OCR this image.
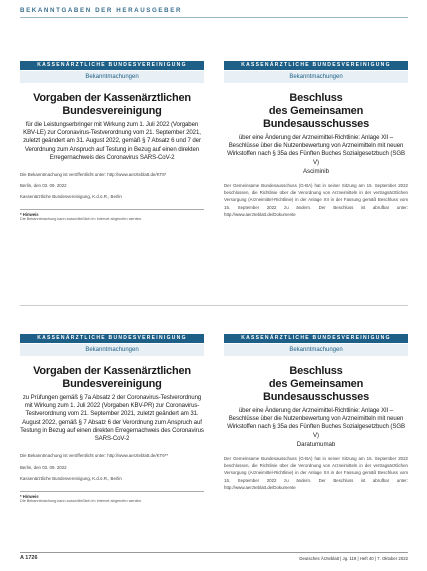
BEKANNTGABEN DER HERAUSGEBER
KASSENÄRZTLICHE BUNDESVEREINIGUNG
Bekanntmachungen
Vorgaben der Kassenärztlichen
Bundesvereinigung
für die Leistungserbringer mit Wirkung zum 1. Juli 2022 (Vorgaben KBV-LE) zur Coronavirus-Testverordnung vom 21. September 2021, zuletzt geändert am 31. August 2022, gemäß § 7 Absatz 6 und 7 der Verordnung zum Anspruch auf Testung in Bezug auf einen direkten Erregernachweis des Coronavirus SARS-CoV-2
Die Bekanntmachung ist veröffentlicht unter: http://www.aerzteblatt.de/KT6*
Berlin, den 03. 09. 2022
Kassenärztliche Bundesvereinigung, K.d.ö.R., Berlin
* Hinweis
Die Bekanntmachung kann ausschließlich im Internet abgerufen werden.
KASSENÄRZTLICHE BUNDESVEREINIGUNG
Bekanntmachungen
Beschluss
des Gemeinsamen Bundesausschusses
über eine Änderung der Arzneimittel-Richtlinie: Anlage XII – Beschlüsse über die Nutzenbewertung von Arzneimitteln mit neuen Wirkstoffen nach § 35a des Fünften Buches Sozialgesetzbuch (SGB V)
Asciminib
Der Gemeinsame Bundesausschuss (G-BA) hat in seiner Sitzung am 15. September 2022 beschlossen, die Richtlinie über die Verordnung von Arzneimitteln in der vertragsärztlichen Versorgung (Arzneimittel-Richtlinie) in der Anlage XII in der Fassung gemäß Beschluss vom 15. September 2022 zu ändern. Der Beschluss ist abrufbar unter: http://www.aerzteblatt.de/Dokumente
KASSENÄRZTLICHE BUNDESVEREINIGUNG
Bekanntmachungen
Vorgaben der Kassenärztlichen
Bundesvereinigung
zu Prüfungen gemäß § 7a Absatz 2 der Coronavirus-Testverordnung mit Wirkung zum 1. Juli 2022 (Vorgaben KBV-PR) zur Coronavirus-Testverordnung vom 21. September 2021, zuletzt geändert am 31. August 2022, gemäß § 7 Absatz 6 der Verordnung zum Anspruch auf Testung in Bezug auf einen direkten Erregernachweis des Coronavirus SARS-CoV-2
Die Bekanntmachung ist veröffentlicht unter: http://www.aerzteblatt.de/KT6**
Berlin, den 03. 09. 2022
Kassenärztliche Bundesvereinigung, K.d.ö.R., Berlin
* Hinweis
Die Bekanntmachung kann ausschließlich im Internet abgerufen werden.
KASSENÄRZTLICHE BUNDESVEREINIGUNG
Bekanntmachungen
Beschluss
des Gemeinsamen Bundesausschusses
über eine Änderung der Arzneimittel-Richtlinie: Anlage XII – Beschlüsse über die Nutzenbewertung von Arzneimitteln mit neuen Wirkstoffen nach § 35a des Fünften Buches Sozialgesetzbuch (SGB V)
Daratumumab
Der Gemeinsame Bundesausschuss (G-BA) hat in seiner Sitzung am 15. September 2022 beschlossen, die Richtlinie über die Verordnung von Arzneimitteln in der vertragsärztlichen Versorgung (Arzneimittel-Richtlinie) in der Anlage XII in der Fassung gemäß Beschluss vom 15. September 2022 zu ändern. Der Beschluss ist abrufbar unter: http://www.aerzteblatt.de/Dokumente
A 1726	Deutsches Ärzteblatt | Jg. 119 | Heft 40 | 7. Oktober 2022
